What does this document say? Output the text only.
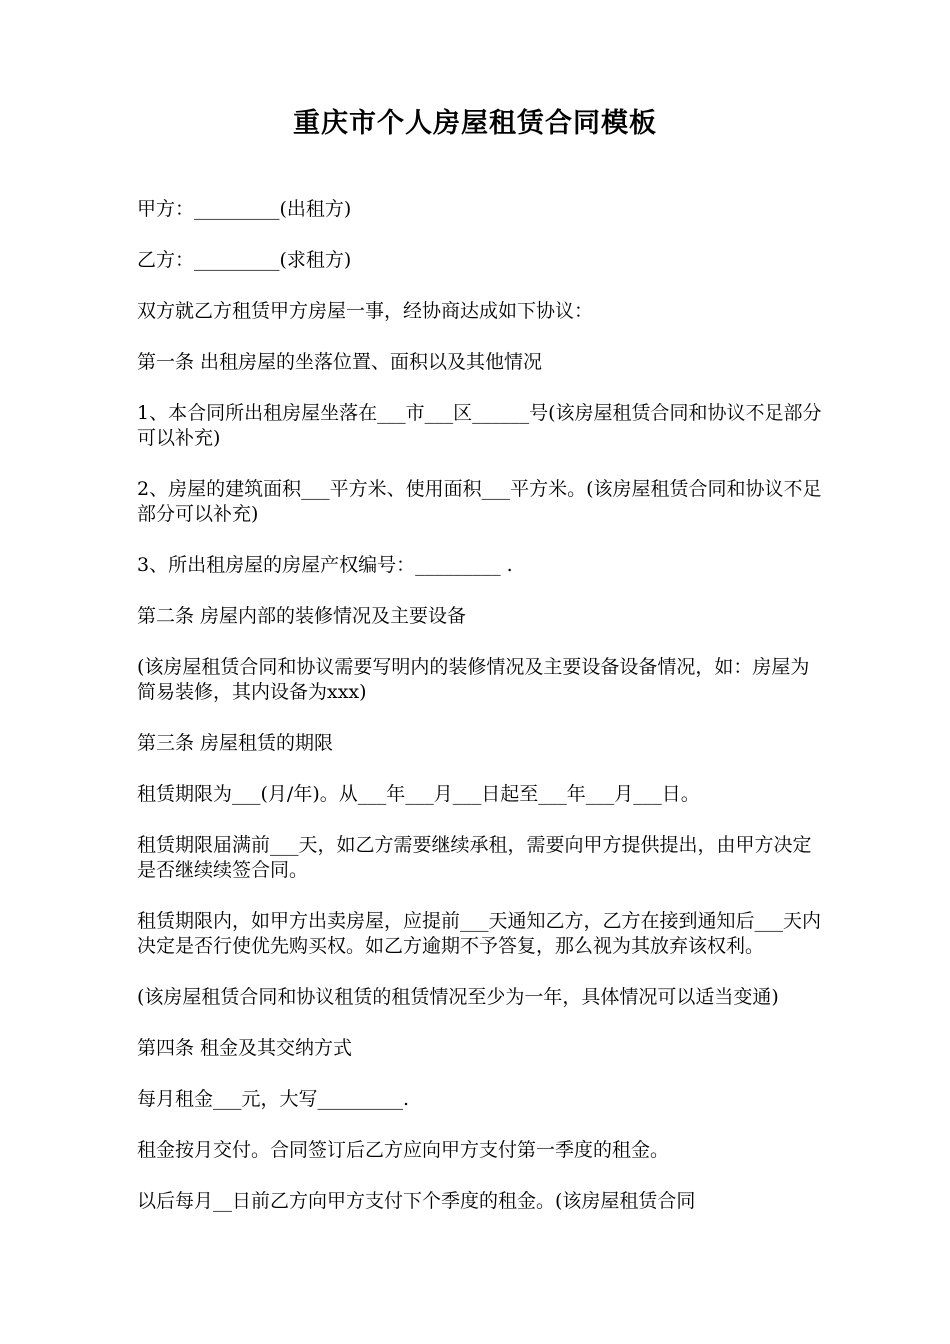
重庆市个人房屋租赁合同模板

甲方：_________(出租方)

乙方：_________(求租方)

双方就乙方租赁甲方房屋一事，经协商达成如下协议：

第一条 出租房屋的坐落位置、面积以及其他情况

1、本合同所出租房屋坐落在___市___区______号(该房屋租赁合同和协议不足部分可以补充)

2、房屋的建筑面积___平方米、使用面积___平方米。(该房屋租赁合同和协议不足部分可以补充)

3、所出租房屋的房屋产权编号：_________ .

第二条 房屋内部的装修情况及主要设备

(该房屋租赁合同和协议需要写明内的装修情况及主要设备设备情况，如：房屋为简易装修，其内设备为xxx)

第三条 房屋租赁的期限

租赁期限为___(月/年)。从___年___月___日起至___年___月___日。

租赁期限届满前___天，如乙方需要继续承租，需要向甲方提供提出，由甲方决定是否继续续签合同。

租赁期限内，如甲方出卖房屋，应提前___天通知乙方，乙方在接到通知后___天内决定是否行使优先购买权。如乙方逾期不予答复，那么视为其放弃该权利。

(该房屋租赁合同和协议租赁的租赁情况至少为一年，具体情况可以适当变通)

第四条 租金及其交纳方式

每月租金___元，大写_________.

租金按月交付。合同签订后乙方应向甲方支付第一季度的租金。

以后每月__日前乙方向甲方支付下个季度的租金。(该房屋租赁合同
